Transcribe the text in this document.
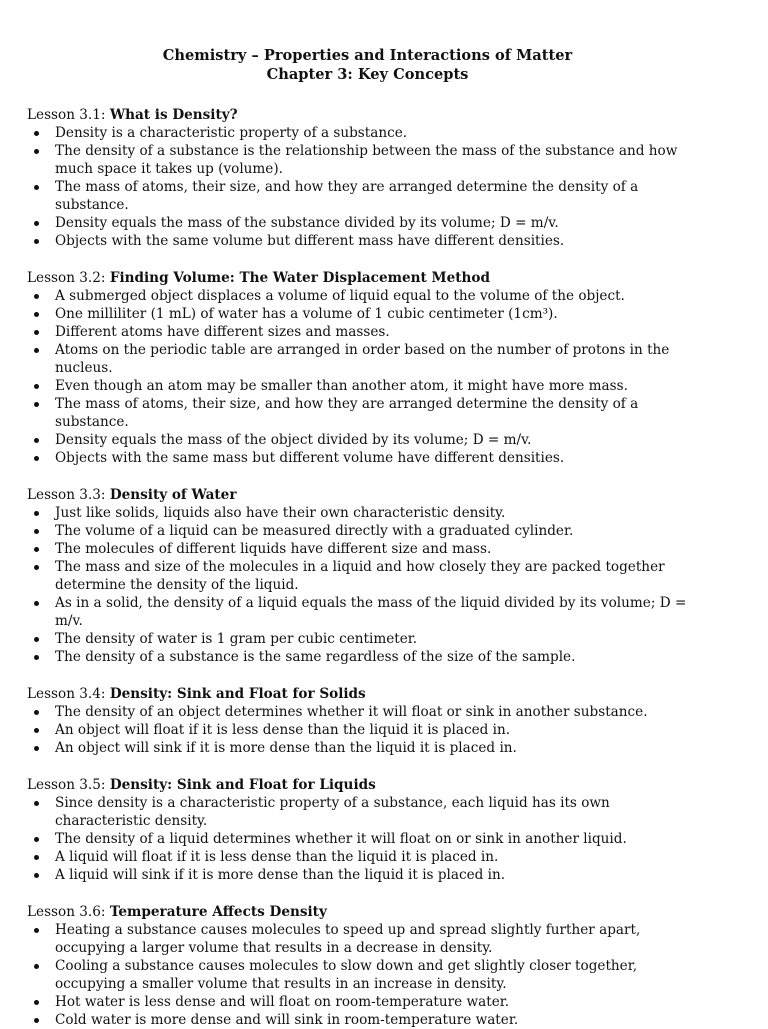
Chemistry – Properties and Interactions of Matter
Chapter 3: Key Concepts
Lesson 3.1: What is Density?
Density is a characteristic property of a substance.
The density of a substance is the relationship between the mass of the substance and how much space it takes up (volume).
The mass of atoms, their size, and how they are arranged determine the density of a substance.
Density equals the mass of the substance divided by its volume; D = m/v.
Objects with the same volume but different mass have different densities.
Lesson 3.2: Finding Volume: The Water Displacement Method
A submerged object displaces a volume of liquid equal to the volume of the object.
One milliliter (1 mL) of water has a volume of 1 cubic centimeter (1cm³).
Different atoms have different sizes and masses.
Atoms on the periodic table are arranged in order based on the number of protons in the nucleus.
Even though an atom may be smaller than another atom, it might have more mass.
The mass of atoms, their size, and how they are arranged determine the density of a substance.
Density equals the mass of the object divided by its volume; D = m/v.
Objects with the same mass but different volume have different densities.
Lesson 3.3: Density of Water
Just like solids, liquids also have their own characteristic density.
The volume of a liquid can be measured directly with a graduated cylinder.
The molecules of different liquids have different size and mass.
The mass and size of the molecules in a liquid and how closely they are packed together determine the density of the liquid.
As in a solid, the density of a liquid equals the mass of the liquid divided by its volume; D = m/v.
The density of water is 1 gram per cubic centimeter.
The density of a substance is the same regardless of the size of the sample.
Lesson 3.4: Density: Sink and Float for Solids
The density of an object determines whether it will float or sink in another substance.
An object will float if it is less dense than the liquid it is placed in.
An object will sink if it is more dense than the liquid it is placed in.
Lesson 3.5: Density: Sink and Float for Liquids
Since density is a characteristic property of a substance, each liquid has its own characteristic density.
The density of a liquid determines whether it will float on or sink in another liquid.
A liquid will float if it is less dense than the liquid it is placed in.
A liquid will sink if it is more dense than the liquid it is placed in.
Lesson 3.6: Temperature Affects Density
Heating a substance causes molecules to speed up and spread slightly further apart, occupying a larger volume that results in a decrease in density.
Cooling a substance causes molecules to slow down and get slightly closer together, occupying a smaller volume that results in an increase in density.
Hot water is less dense and will float on room-temperature water.
Cold water is more dense and will sink in room-temperature water.
